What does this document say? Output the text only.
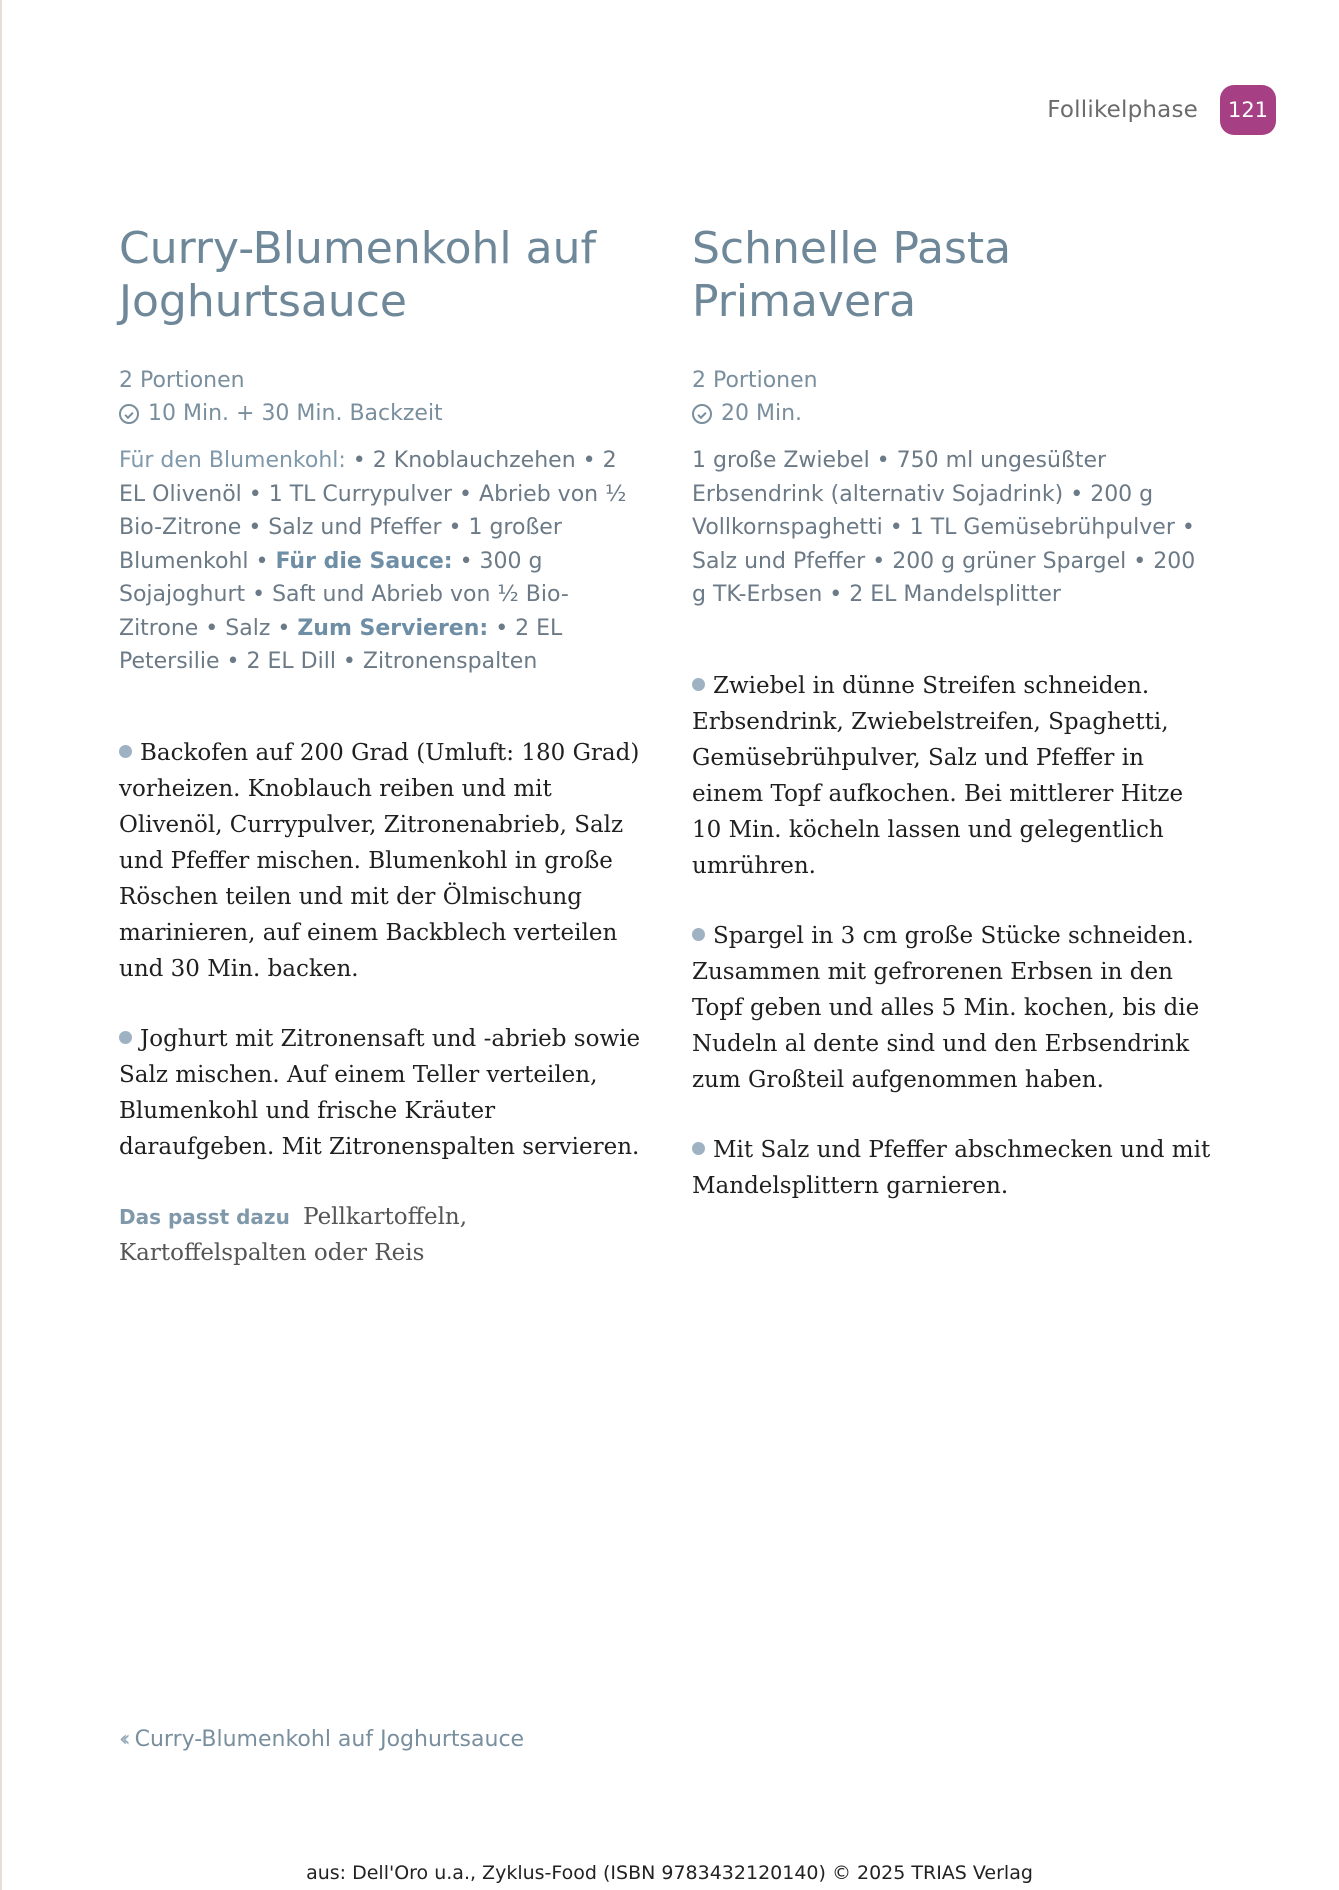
Follikelphase	121
Curry-Blumenkohl auf
Joghurtsauce
2 Portionen
10 Min. + 30 Min. Backzeit
Für den Blumenkohl: • 2 Knoblauchzehen • 2 EL Olivenöl • 1 TL Currypulver • Abrieb von ½ Bio-Zitrone • Salz und Pfeffer • 1 großer Blumenkohl • Für die Sauce: • 300 g Sojajoghurt • Saft und Abrieb von ½ Bio-Zitrone • Salz • Zum Servieren: • 2 EL Petersilie • 2 EL Dill • Zitronenspalten

Backofen auf 200 Grad (Umluft: 180 Grad) vorheizen. Knoblauch reiben und mit Olivenöl, Currypulver, Zitronenabrieb, Salz und Pfeffer mischen. Blumenkohl in große Röschen teilen und mit der Ölmischung marinieren, auf einem Backblech verteilen und 30 Min. backen.

Joghurt mit Zitronensaft und -abrieb sowie Salz mischen. Auf einem Teller verteilen, Blumenkohl und frische Kräuter daraufgeben. Mit Zitronenspalten servieren.

Das passt dazu Pellkartoffeln, Kartoffelspalten oder Reis
Schnelle Pasta
Primavera
2 Portionen
20 Min.
1 große Zwiebel • 750 ml ungesüßter Erbsendrink (alternativ Sojadrink) • 200 g Vollkornspaghetti • 1 TL Gemüsebrühpulver • Salz und Pfeffer • 200 g grüner Spargel • 200 g TK-Erbsen • 2 EL Mandelsplitter

Zwiebel in dünne Streifen schneiden. Erbsendrink, Zwiebelstreifen, Spaghetti, Gemüsebrühpulver, Salz und Pfeffer in einem Topf aufkochen. Bei mittlerer Hitze 10 Min. köcheln lassen und gelegentlich umrühren.

Spargel in 3 cm große Stücke schneiden. Zusammen mit gefrorenen Erbsen in den Topf geben und alles 5 Min. kochen, bis die Nudeln al dente sind und den Erbsendrink zum Großteil aufgenommen haben.

Mit Salz und Pfeffer abschmecken und mit Mandelsplittern garnieren.

‹‹ Curry-Blumenkohl auf Joghurtsauce
aus: Dell'Oro u.a., Zyklus-Food (ISBN 9783432120140) © 2025 TRIAS Verlag
